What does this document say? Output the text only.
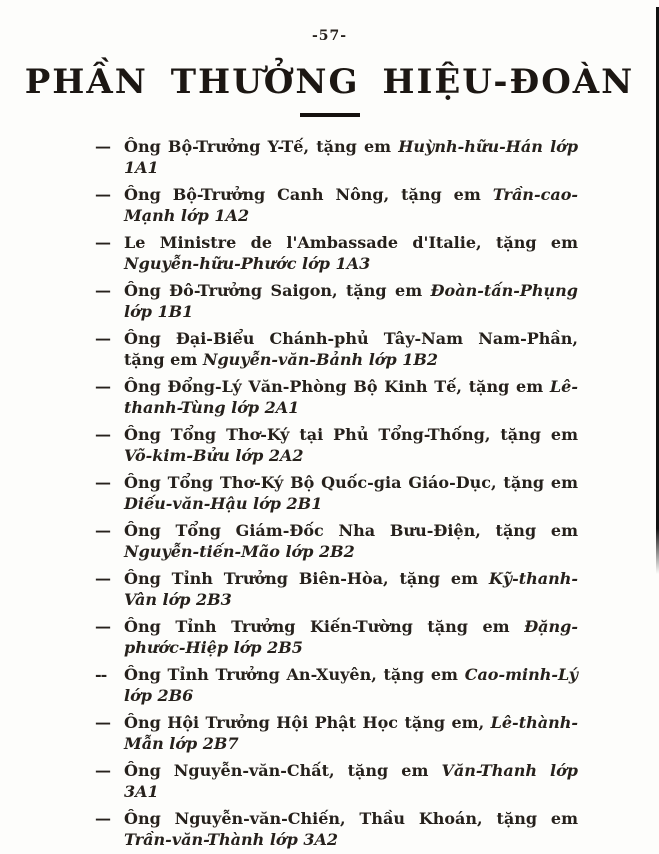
-57-
PHẦN THƯỞNG HIỆU-ĐOÀN

— Ông Bộ-Trưởng Y-Tế, tặng em Huỳnh-hữu-Hán lớp 1A1

— Ông Bộ-Trưởng Canh Nông, tặng em Trần-cao-Mạnh lớp 1A2

— Le Ministre de l'Ambassade d'Italie, tặng em Nguyễn-hữu-Phước lớp 1A3

— Ông Đô-Trưởng Saigon, tặng em Đoàn-tấn-Phụng lớp 1B1

— Ông Đại-Biểu Chánh-phủ Tây-Nam Nam-Phần, tặng em Nguyễn-văn-Bảnh lớp 1B2

— Ông Đổng-Lý Văn-Phòng Bộ Kinh Tế, tặng em Lê-thanh-Tùng lớp 2A1

— Ông Tổng Thơ-Ký tại Phủ Tổng-Thống, tặng em Võ-kim-Bửu lớp 2A2

— Ông Tổng Thơ-Ký Bộ Quốc-gia Giáo-Dục, tặng em Diếu-văn-Hậu lớp 2B1

— Ông Tổng Giám-Đốc Nha Bưu-Điện, tặng em Nguyễn-tiến-Mão lớp 2B2

— Ông Tỉnh Trưởng Biên-Hòa, tặng em Kỹ-thanh-Vân lớp 2B3

— Ông Tỉnh Trưởng Kiến-Tường tặng em Đặng-phước-Hiệp lớp 2B5

-- Ông Tỉnh Trưởng An-Xuyên, tặng em Cao-minh-Lý lớp 2B6

— Ông Hội Trưởng Hội Phật Học tặng em, Lê-thành-Mẫn lớp 2B7

— Ông Nguyễn-văn-Chất, tặng em Văn-Thanh lớp 3A1

— Ông Nguyễn-văn-Chiến, Thầu Khoán, tặng em Trần-văn-Thành lớp 3A2
